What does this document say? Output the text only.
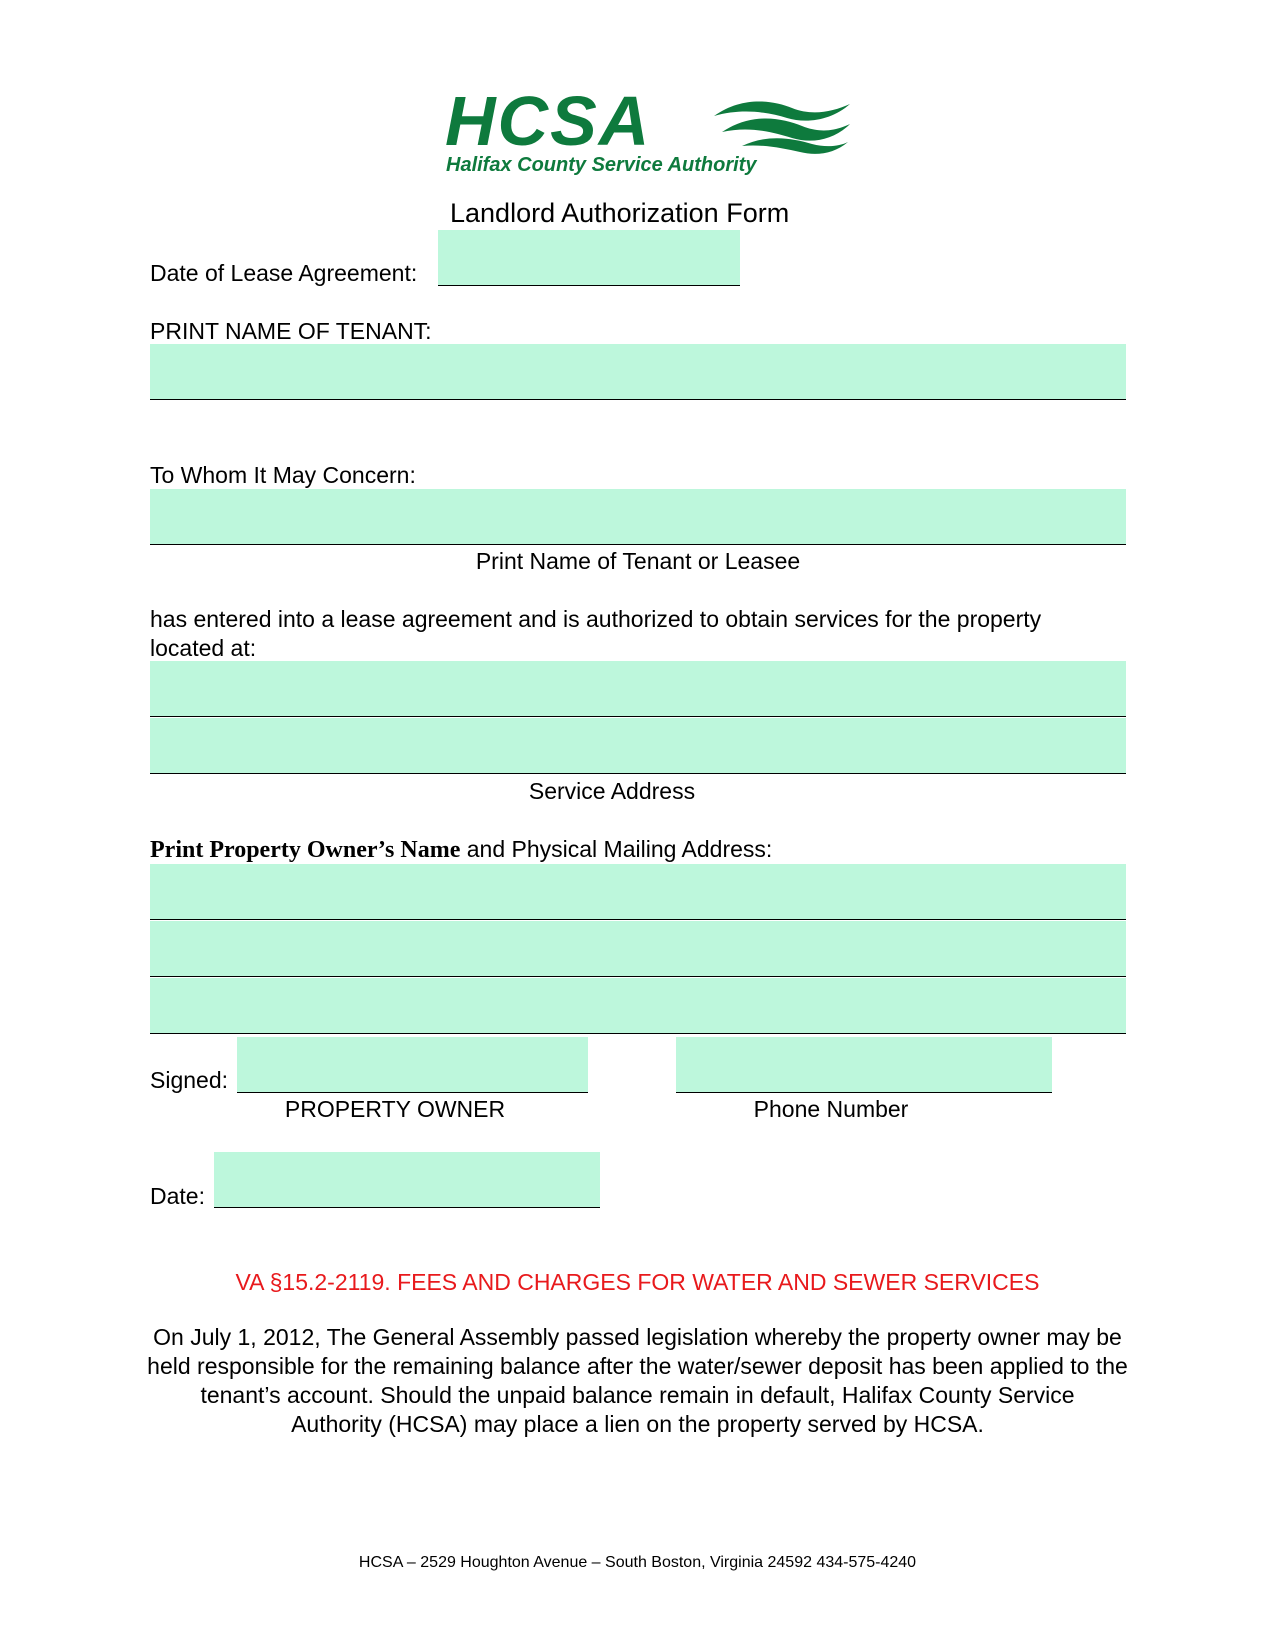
HCSA
Halifax County Service Authority
Landlord Authorization Form
Date of Lease Agreement:
PRINT NAME OF TENANT:
To Whom It May Concern:
Print Name of Tenant or Leasee
has entered into a lease agreement and is authorized to obtain services for the property
located at:
Service Address
Print Property Owner’s Name and Physical Mailing Address:
Signed:
PROPERTY OWNER	Phone Number
Date:
VA §15.2-2119. FEES AND CHARGES FOR WATER AND SEWER SERVICES
On July 1, 2012, The General Assembly passed legislation whereby the property owner may be
held responsible for the remaining balance after the water/sewer deposit has been applied to the
tenant’s account. Should the unpaid balance remain in default, Halifax County Service
Authority (HCSA) may place a lien on the property served by HCSA.
HCSA – 2529 Houghton Avenue – South Boston, Virginia 24592 434-575-4240
